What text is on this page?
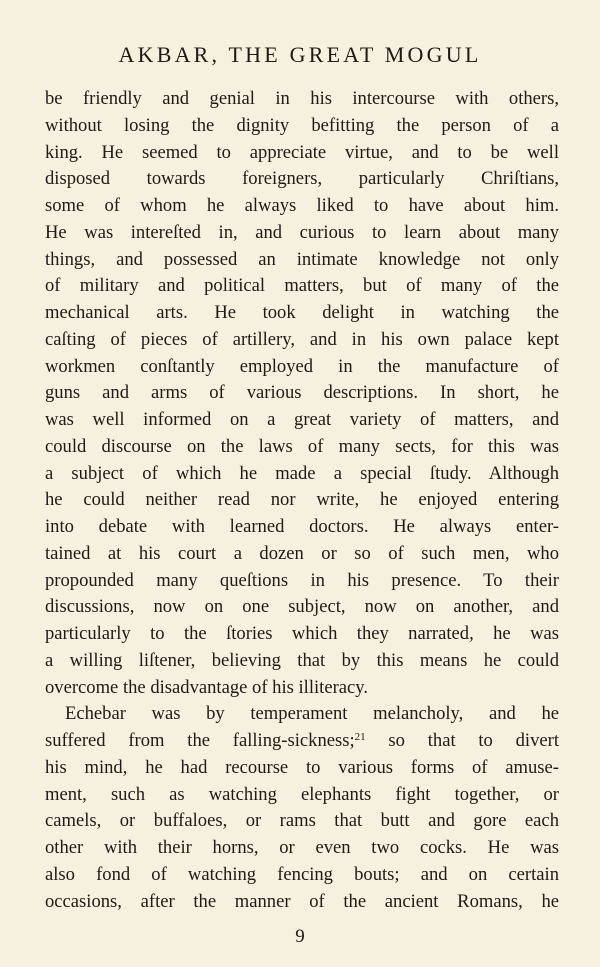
AKBAR, THE GREAT MOGUL
be friendly and genial in his intercourse with others,
without losing the dignity befitting the person of a
king. He seemed to appreciate virtue, and to be well
disposed towards foreigners, particularly Chriſtians,
some of whom he always liked to have about him.
He was intereſted in, and curious to learn about many
things, and possessed an intimate knowledge not only
of military and political matters, but of many of the
mechanical arts. He took delight in watching the
caſting of pieces of artillery, and in his own palace kept
workmen conſtantly employed in the manufacture of
guns and arms of various descriptions. In short, he
was well informed on a great variety of matters, and
could discourse on the laws of many sects, for this was
a subject of which he made a special ſtudy. Although
he could neither read nor write, he enjoyed entering
into debate with learned doctors. He always enter-
tained at his court a dozen or so of such men, who
propounded many queſtions in his presence. To their
discussions, now on one subject, now on another, and
particularly to the ſtories which they narrated, he was
a willing liſtener, believing that by this means he could
overcome the disadvantage of his illiteracy.
Echebar was by temperament melancholy, and he
suffered from the falling-sickness;$^{21}$ so that to divert
his mind, he had recourse to various forms of amuse-
ment, such as watching elephants fight together, or
camels, or buffaloes, or rams that butt and gore each
other with their horns, or even two cocks. He was
also fond of watching fencing bouts; and on certain
occasions, after the manner of the ancient Romans, he
9
